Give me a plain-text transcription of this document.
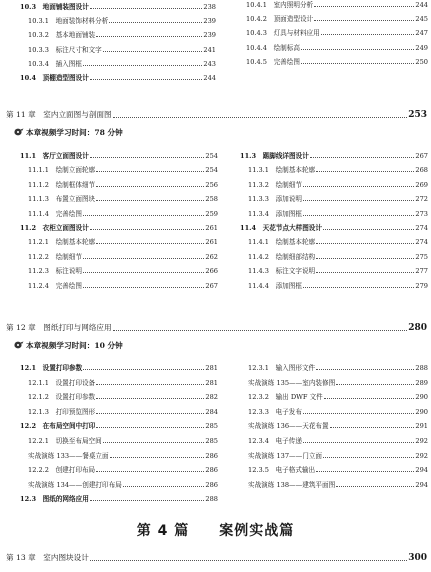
10.3　地面铺装图设计	238
10.3.1　地面装饰材料分析	239
10.3.2　基本地面铺装	239
10.3.3　标注尺寸和文字	241
10.3.4　插入图框	243
10.4　顶棚造型图设计	244
10.4.1　室内照明分析	244
10.4.2　顶面造型设计	245
10.4.3　灯具与材料应用	247
10.4.4　绘制标高	249
10.4.5　完善绘图	250
第 11 章　室内立面图与剖面图	253
本章视频学习时间：78 分钟
11.1　客厅立面图设计	254
11.1.1　绘制立面轮廓	254
11.1.2　绘制框体细节	256
11.1.3　布置立面图块	258
11.1.4　完善绘图	259
11.2　衣柜立面图设计	261
11.2.1　绘制基本轮廓	261
11.2.2　绘制细节	262
11.2.3　标注说明	266
11.2.4　完善绘图	267
11.3　踢脚线详图设计	267
11.3.1　绘制基本轮廓	268
11.3.2　绘制细节	269
11.3.3　添加说明	272
11.3.4　添加图框	273
11.4　天花节点大样图设计	274
11.4.1　绘制基本轮廓	274
11.4.2　绘制细部结构	275
11.4.3　标注文字说明	277
11.4.4　添加图框	279
第 12 章　图纸打印与网络应用	280
本章视频学习时间：10 分钟
12.1　设置打印参数	281
12.1.1　设置打印设备	281
12.1.2　设置打印参数	282
12.1.3　打印预览图形	284
12.2　在布局空间中打印	285
12.2.1　切换至布局空间	285
实战演练 133——餐桌立面	286
12.2.2　创建打印布局	286
实战演练 134——创建打印布局	286
12.3　图纸的网络应用	288
12.3.1　输入图形文件	288
实战演练 135——室内装修图	289
12.3.2　输出 DWF 文件	290
12.3.3　电子发布	290
实战演练 136——天花布置	291
12.3.4　电子传递	292
实战演练 137——门立面	292
12.3.5　电子格式输出	294
实战演练 138——建筑平面图	294
第 13 章　室内图块设计	300
第 4 篇　　案例实战篇
